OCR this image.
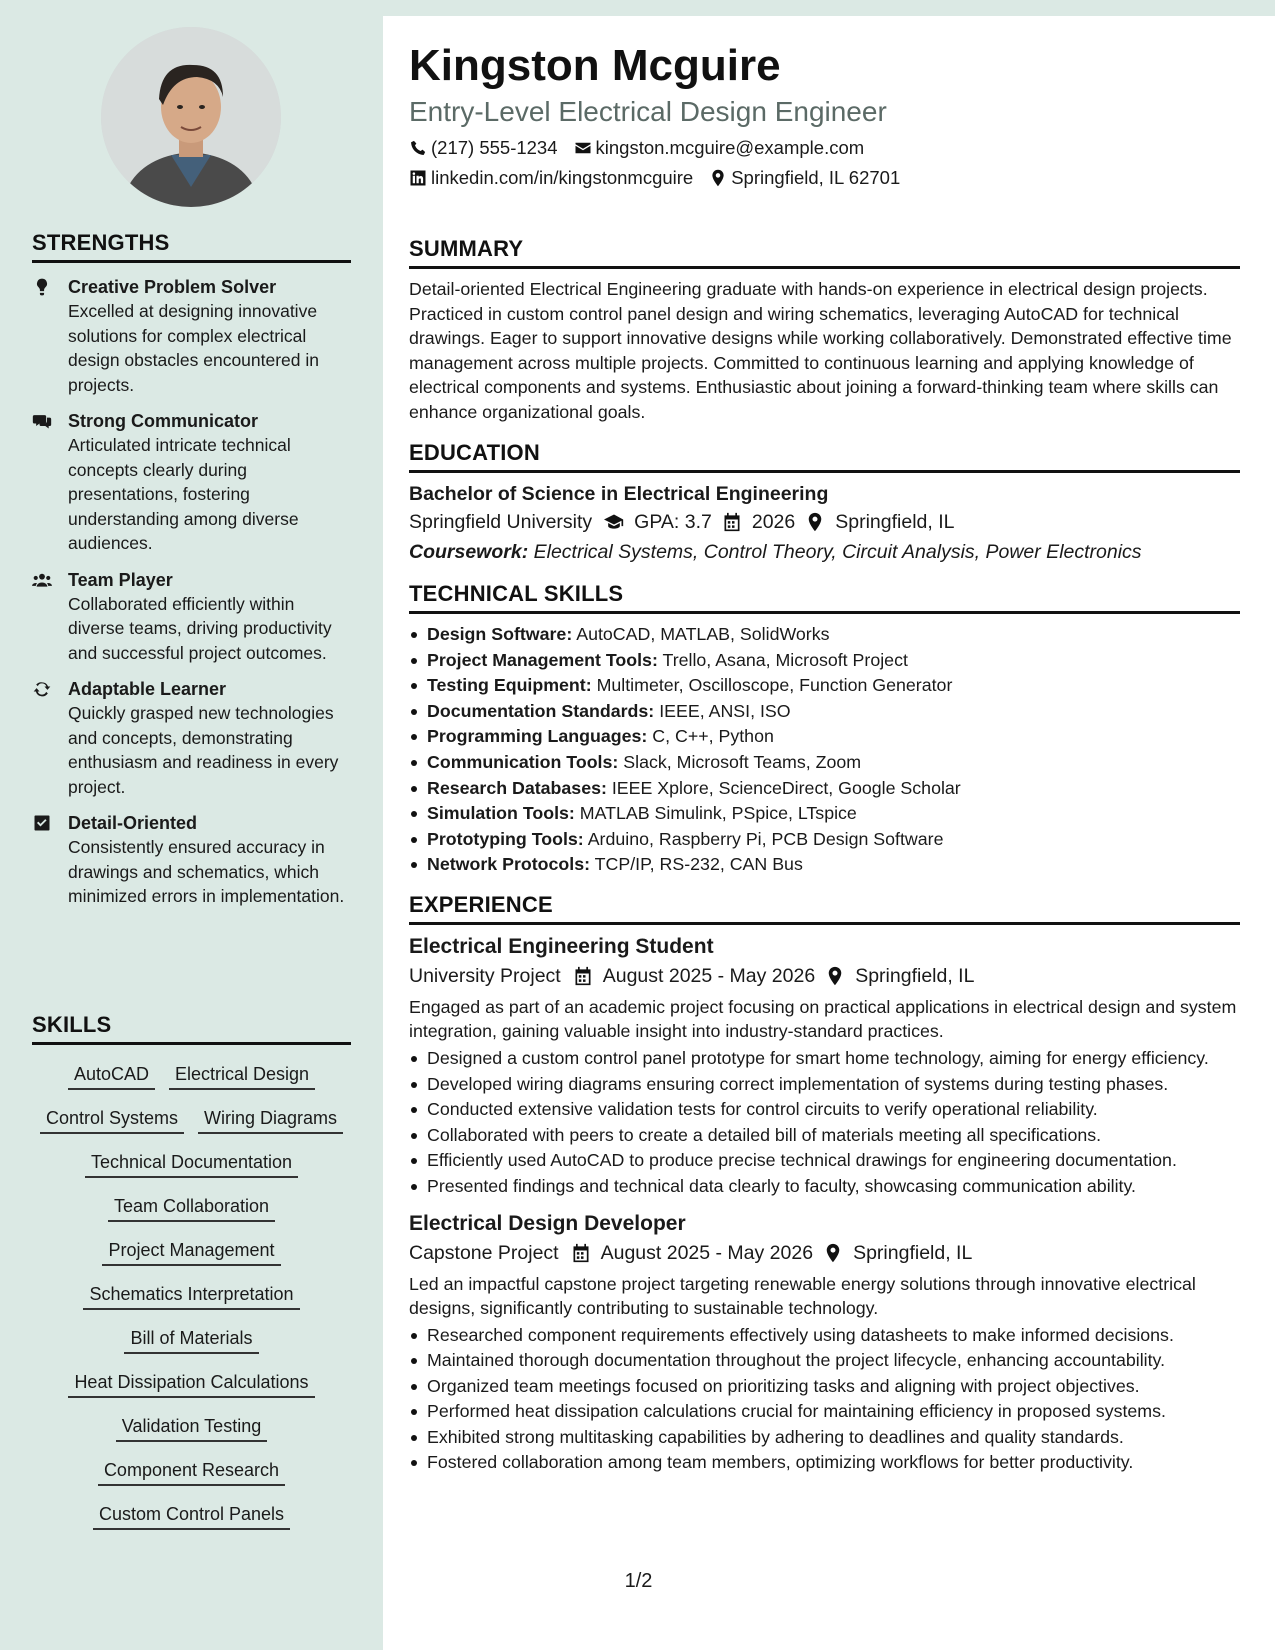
STRENGTHS
Creative Problem Solver
Excelled at designing innovative solutions for complex electrical design obstacles encountered in projects.
Strong Communicator
Articulated intricate technical concepts clearly during presentations, fostering understanding among diverse audiences.
Team Player
Collaborated efficiently within diverse teams, driving productivity and successful project outcomes.
Adaptable Learner
Quickly grasped new technologies and concepts, demonstrating enthusiasm and readiness in every project.
Detail-Oriented
Consistently ensured accuracy in drawings and schematics, which minimized errors in implementation.
SKILLS
AutoCAD Electrical Design Control Systems Wiring Diagrams Technical Documentation
Team Collaboration
Project Management
Schematics Interpretation
Bill of Materials
Heat Dissipation Calculations
Validation Testing
Component Research
Custom Control Panels
Kingston Mcguire
Entry-Level Electrical Design Engineer
(217) 555-1234 kingston.mcguire@example.com
linkedin.com/in/kingstonmcguire Springfield, IL 62701
SUMMARY
Detail-oriented Electrical Engineering graduate with hands-on experience in electrical design projects. Practiced in custom control panel design and wiring schematics, leveraging AutoCAD for technical drawings. Eager to support innovative designs while working collaboratively. Demonstrated effective time management across multiple projects. Committed to continuous learning and applying knowledge of electrical components and systems. Enthusiastic about joining a forward-thinking team where skills can enhance organizational goals.
EDUCATION
Bachelor of Science in Electrical Engineering
Springfield University GPA: 3.7 2026 Springfield, IL
Coursework: Electrical Systems, Control Theory, Circuit Analysis, Power Electronics
TECHNICAL SKILLS
Design Software: AutoCAD, MATLAB, SolidWorks
Project Management Tools: Trello, Asana, Microsoft Project
Testing Equipment: Multimeter, Oscilloscope, Function Generator
Documentation Standards: IEEE, ANSI, ISO
Programming Languages: C, C++, Python
Communication Tools: Slack, Microsoft Teams, Zoom
Research Databases: IEEE Xplore, ScienceDirect, Google Scholar
Simulation Tools: MATLAB Simulink, PSpice, LTspice
Prototyping Tools: Arduino, Raspberry Pi, PCB Design Software
Network Protocols: TCP/IP, RS-232, CAN Bus
EXPERIENCE
Electrical Engineering Student
University Project August 2025 - May 2026 Springfield, IL
Engaged as part of an academic project focusing on practical applications in electrical design and system integration, gaining valuable insight into industry-standard practices.
Designed a custom control panel prototype for smart home technology, aiming for energy efficiency.
Developed wiring diagrams ensuring correct implementation of systems during testing phases.
Conducted extensive validation tests for control circuits to verify operational reliability.
Collaborated with peers to create a detailed bill of materials meeting all specifications.
Efficiently used AutoCAD to produce precise technical drawings for engineering documentation.
Presented findings and technical data clearly to faculty, showcasing communication ability.
Electrical Design Developer
Capstone Project August 2025 - May 2026 Springfield, IL
Led an impactful capstone project targeting renewable energy solutions through innovative electrical designs, significantly contributing to sustainable technology.
Researched component requirements effectively using datasheets to make informed decisions.
Maintained thorough documentation throughout the project lifecycle, enhancing accountability.
Organized team meetings focused on prioritizing tasks and aligning with project objectives.
Performed heat dissipation calculations crucial for maintaining efficiency in proposed systems.
Exhibited strong multitasking capabilities by adhering to deadlines and quality standards.
Fostered collaboration among team members, optimizing workflows for better productivity.
1/2
